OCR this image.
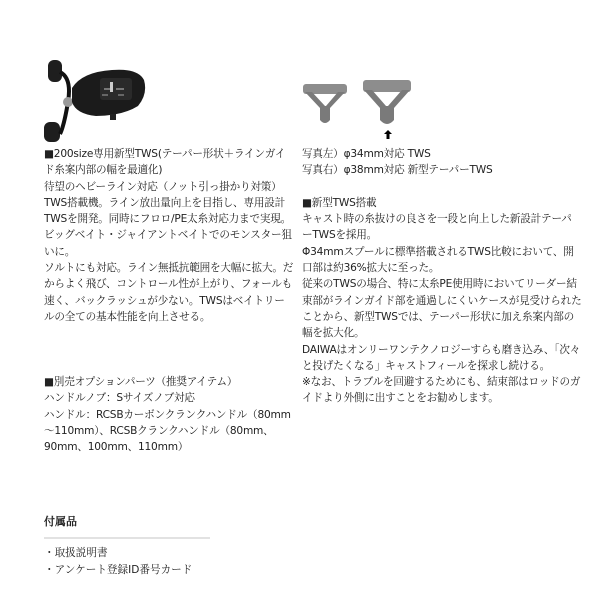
■200size専用新型TWS(テーパー形状＋ラインガイド糸案内部の幅を最適化)

待望のヘビーライン対応（ノット引っ掛かり対策）TWS搭載機。ライン放出量向上を目指し、専用設計TWSを開発。同時にフロロ/PE太糸対応力まで実現。

ビッグベイト・ジャイアントベイトでのモンスター狙いに。

ソルトにも対応。ライン無抵抗範囲を大幅に拡大。だからよく飛び、コントロール性が上がり、フォールも速く、バックラッシュが少ない。TWSはベイトリールの全ての基本性能を向上させる。

■別売オプションパーツ（推奨アイテム）

ハンドルノブ：Sサイズノブ対応

ハンドル：RCSBカーボンクランクハンドル（80mm～110mm）、RCSBクランクハンドル（80mm、90mm、100mm、110mm）

写真左）φ34mm対応 TWS

写真右）φ38mm対応 新型テーパーTWS

■新型TWS搭載

キャスト時の糸抜けの良さを一段と向上した新設計テーパーTWSを採用。

Φ34mmスプールに標準搭載されるTWS比較において、開口部は約36%拡大に至った。

従来のTWSの場合、特に太糸PE使用時においてリーダー結束部がラインガイド部を通過しにくいケースが見受けられたことから、新型TWSでは、テーパー形状に加え糸案内部の幅を拡大化。

DAIWAはオンリーワンテクノロジーすらも磨き込み、「次々と投げたくなる」キャストフィールを探求し続ける。

※なお、トラブルを回避するためにも、結束部はロッドのガイドより外側に出すことをお勧めします。

付属品

・取扱説明書
・アンケート登録ID番号カード
